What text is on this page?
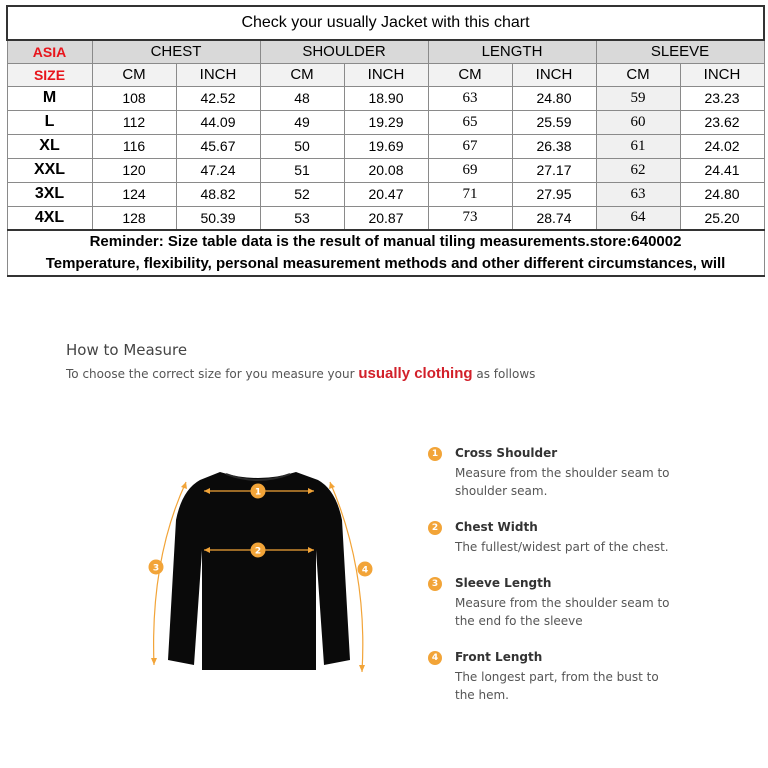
Check your usually Jacket with this chart								
ASIA	CHEST		SHOULDER		LENGTH		SLEEVE	
SIZE	CM	INCH	CM	INCH	CM	INCH	CM	INCH
M	108	42.52	48	18.90	63	24.80	59	23.23
L	112	44.09	49	19.29	65	25.59	60	23.62
XL	116	45.67	50	19.69	67	26.38	61	24.02
XXL	120	47.24	51	20.08	69	27.17	62	24.41
3XL	124	48.82	52	20.47	71	27.95	63	24.80
4XL	128	50.39	53	20.87	73	28.74	64	25.20
Reminder: Size table data is the result of manual tiling measurements.store:640002								
Temperature, flexibility, personal measurement methods and other different circumstances, will								
How to Measure
To choose the correct size for you measure your usually clothing as follows
1
2
3	4
1	Cross Shoulder
Measure from the shoulder seam to shoulder seam.
2	Chest Width
The fullest/widest part of the chest.
3	Sleeve Length
Measure from the shoulder seam to the end fo the sleeve
4	Front Length
The longest part, from the bust to the hem.
